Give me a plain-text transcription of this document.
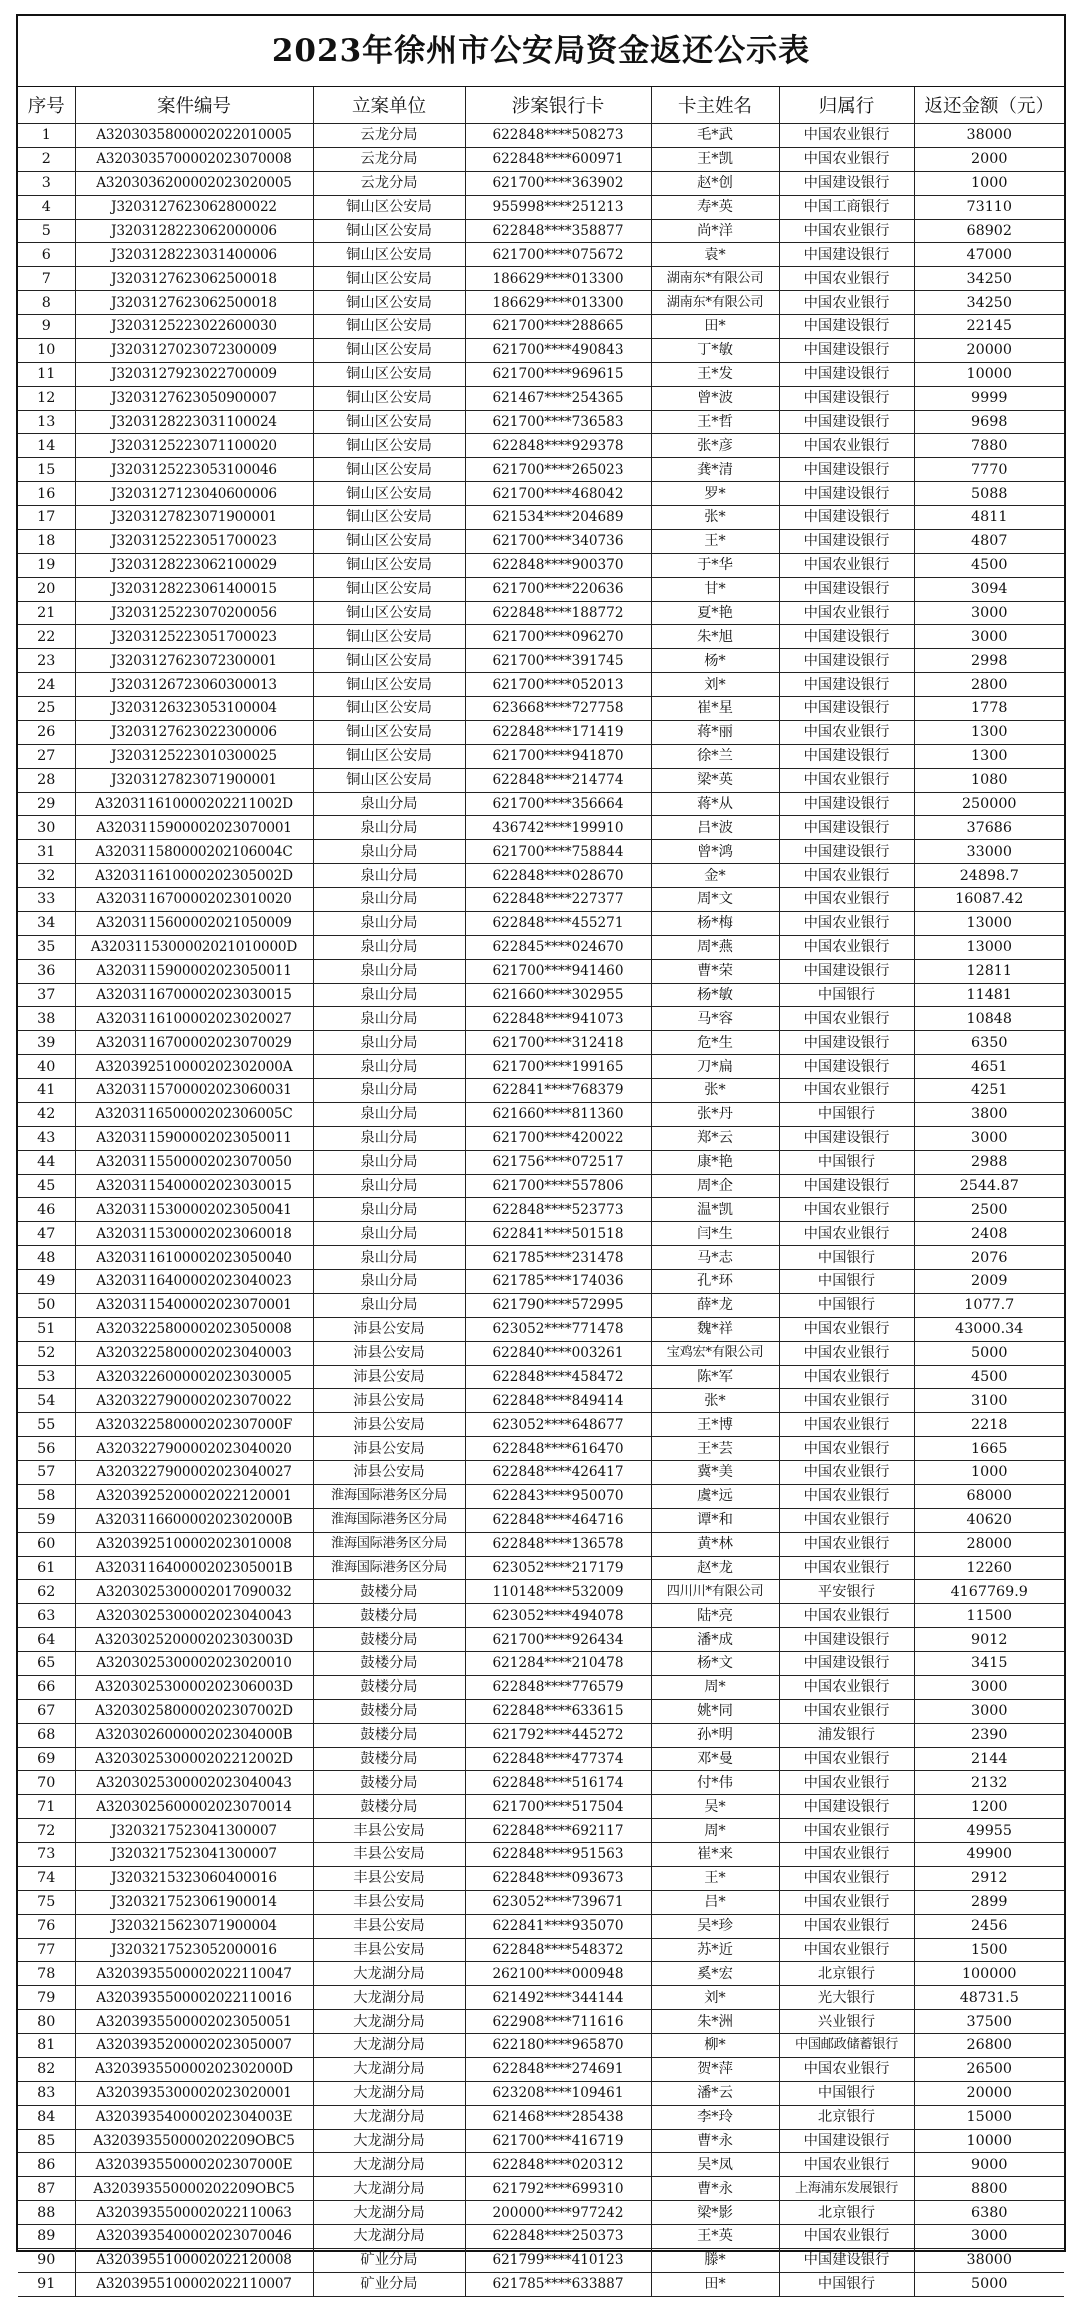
2023年徐州市公安局资金返还公示表
序号	案件编号	立案单位	涉案银行卡	卡主姓名	归属行	返还金额（元）
1	A3203035800002022010005	云龙分局	622848****508273	毛*武	中国农业银行	38000
2	A3203035700002023070008	云龙分局	622848****600971	王*凯	中国农业银行	2000
3	A3203036200002023020005	云龙分局	621700****363902	赵*创	中国建设银行	1000
4	J3203127623062800022	铜山区公安局	955998****251213	寿*英	中国工商银行	73110
5	J3203128223062000006	铜山区公安局	622848****358877	尚*洋	中国农业银行	68902
6	J3203128223031400006	铜山区公安局	621700****075672	袁*	中国建设银行	47000
7	J3203127623062500018	铜山区公安局	186629****013300	湖南东*有限公司	中国农业银行	34250
8	J3203127623062500018	铜山区公安局	186629****013300	湖南东*有限公司	中国农业银行	34250
9	J3203125223022600030	铜山区公安局	621700****288665	田*	中国建设银行	22145
10	J3203127023072300009	铜山区公安局	621700****490843	丁*敏	中国建设银行	20000
11	J3203127923022700009	铜山区公安局	621700****969615	王*发	中国建设银行	10000
12	J3203127623050900007	铜山区公安局	621467****254365	曾*波	中国建设银行	9999
13	J3203128223031100024	铜山区公安局	621700****736583	王*哲	中国建设银行	9698
14	J3203125223071100020	铜山区公安局	622848****929378	张*彦	中国农业银行	7880
15	J3203125223053100046	铜山区公安局	621700****265023	龚*清	中国建设银行	7770
16	J3203127123040600006	铜山区公安局	621700****468042	罗*	中国建设银行	5088
17	J3203127823071900001	铜山区公安局	621534****204689	张*	中国建设银行	4811
18	J3203125223051700023	铜山区公安局	621700****340736	王*	中国建设银行	4807
19	J3203128223062100029	铜山区公安局	622848****900370	于*华	中国农业银行	4500
20	J3203128223061400015	铜山区公安局	621700****220636	甘*	中国建设银行	3094
21	J3203125223070200056	铜山区公安局	622848****188772	夏*艳	中国农业银行	3000
22	J3203125223051700023	铜山区公安局	621700****096270	朱*旭	中国建设银行	3000
23	J3203127623072300001	铜山区公安局	621700****391745	杨*	中国建设银行	2998
24	J3203126723060300013	铜山区公安局	621700****052013	刘*	中国建设银行	2800
25	J3203126323053100004	铜山区公安局	623668****727758	崔*星	中国建设银行	1778
26	J3203127623022300006	铜山区公安局	622848****171419	蒋*丽	中国农业银行	1300
27	J3203125223010300025	铜山区公安局	621700****941870	徐*兰	中国建设银行	1300
28	J3203127823071900001	铜山区公安局	622848****214774	梁*英	中国农业银行	1080
29	A320311610000202211002D	泉山分局	621700****356664	蒋*从	中国建设银行	250000
30	A3203115900002023070001	泉山分局	436742****199910	吕*波	中国建设银行	37686
31	A320311580000202106004C	泉山分局	621700****758844	曾*鸿	中国建设银行	33000
32	A320311610000202305002D	泉山分局	622848****028670	金*	中国农业银行	24898.7
33	A3203116700002023010020	泉山分局	622848****227377	周*文	中国农业银行	16087.42
34	A3203115600002021050009	泉山分局	622848****455271	杨*梅	中国农业银行	13000
35	A3203115300002021010000D	泉山分局	622845****024670	周*燕	中国农业银行	13000
36	A3203115900002023050011	泉山分局	621700****941460	曹*荣	中国建设银行	12811
37	A3203116700002023030015	泉山分局	621660****302955	杨*敏	中国银行	11481
38	A3203116100002023020027	泉山分局	622848****941073	马*容	中国农业银行	10848
39	A3203116700002023070029	泉山分局	621700****312418	危*生	中国建设银行	6350
40	A320392510000202302000A	泉山分局	621700****199165	刀*扁	中国建设银行	4651
41	A3203115700002023060031	泉山分局	622841****768379	张*	中国农业银行	4251
42	A320311650000202306005C	泉山分局	621660****811360	张*丹	中国银行	3800
43	A3203115900002023050011	泉山分局	621700****420022	郑*云	中国建设银行	3000
44	A3203115500002023070050	泉山分局	621756****072517	康*艳	中国银行	2988
45	A3203115400002023030015	泉山分局	621700****557806	周*企	中国建设银行	2544.87
46	A3203115300002023050041	泉山分局	622848****523773	温*凯	中国农业银行	2500
47	A3203115300002023060018	泉山分局	622841****501518	闫*生	中国农业银行	2408
48	A3203116100002023050040	泉山分局	621785****231478	马*志	中国银行	2076
49	A3203116400002023040023	泉山分局	621785****174036	孔*环	中国银行	2009
50	A3203115400002023070001	泉山分局	621790****572995	薛*龙	中国银行	1077.7
51	A3203225800002023050008	沛县公安局	623052****771478	魏*祥	中国农业银行	43000.34
52	A3203225800002023040003	沛县公安局	622840****003261	宝鸡宏*有限公司	中国农业银行	5000
53	A3203226000002023030005	沛县公安局	622848****458472	陈*军	中国农业银行	4500
54	A3203227900002023070022	沛县公安局	622848****849414	张*	中国农业银行	3100
55	A320322580000202307000F	沛县公安局	623052****648677	王*博	中国农业银行	2218
56	A3203227900002023040020	沛县公安局	622848****616470	王*芸	中国农业银行	1665
57	A3203227900002023040027	沛县公安局	622848****426417	冀*美	中国农业银行	1000
58	A3203925200002022120001	淮海国际港务区分局	622843****950070	虞*远	中国农业银行	68000
59	A320311660000202302000B	淮海国际港务区分局	622848****464716	谭*和	中国农业银行	40620
60	A3203925100002023010008	淮海国际港务区分局	622848****136578	黄*林	中国农业银行	28000
61	A320311640000202305001B	淮海国际港务区分局	623052****217179	赵*龙	中国农业银行	12260
62	A3203025300002017090032	鼓楼分局	110148****532009	四川川*有限公司	平安银行	4167769.9
63	A3203025300002023040043	鼓楼分局	623052****494078	陆*亮	中国农业银行	11500
64	A320302520000202303003D	鼓楼分局	621700****926434	潘*成	中国建设银行	9012
65	A3203025300002023020010	鼓楼分局	621284****210478	杨*文	中国建设银行	3415
66	A320302530000202306003D	鼓楼分局	622848****776579	周*	中国农业银行	3000
67	A320302580000202307002D	鼓楼分局	622848****633615	姚*同	中国农业银行	3000
68	A320302600000202304000B	鼓楼分局	621792****445272	孙*明	浦发银行	2390
69	A320302530000202212002D	鼓楼分局	622848****477374	邓*曼	中国农业银行	2144
70	A3203025300002023040043	鼓楼分局	622848****516174	付*伟	中国农业银行	2132
71	A3203025600002023070014	鼓楼分局	621700****517504	吴*	中国建设银行	1200
72	J3203217523041300007	丰县公安局	622848****692117	周*	中国农业银行	49955
73	J3203217523041300007	丰县公安局	622848****951563	崔*来	中国农业银行	49900
74	J3203215323060400016	丰县公安局	622848****093673	王*	中国农业银行	2912
75	J3203217523061900014	丰县公安局	623052****739671	吕*	中国农业银行	2899
76	J3203215623071900004	丰县公安局	622841****935070	吴*珍	中国农业银行	2456
77	J3203217523052000016	丰县公安局	622848****548372	苏*近	中国农业银行	1500
78	A3203935500002022110047	大龙湖分局	262100****000948	奚*宏	北京银行	100000
79	A3203935500002022110016	大龙湖分局	621492****344144	刘*	光大银行	48731.5
80	A3203935500002023050051	大龙湖分局	622908****711616	朱*洲	兴业银行	37500
81	A3203935200002023050007	大龙湖分局	622180****965870	柳*	中国邮政储蓄银行	26800
82	A320393550000202302000D	大龙湖分局	622848****274691	贺*萍	中国农业银行	26500
83	A3203935300002023020001	大龙湖分局	623208****109461	潘*云	中国银行	20000
84	A320393540000202304003E	大龙湖分局	621468****285438	李*玲	北京银行	15000
85	A320393550000202209OBC5	大龙湖分局	621700****416719	曹*永	中国建设银行	10000
86	A320393550000202307000E	大龙湖分局	622848****020312	吴*凤	中国农业银行	9000
87	A320393550000202209OBC5	大龙湖分局	621792****699310	曹*永	上海浦东发展银行	8800
88	A3203935500002022110063	大龙湖分局	200000****977242	梁*影	北京银行	6380
89	A3203935400002023070046	大龙湖分局	622848****250373	王*英	中国农业银行	3000
90	A3203955100002022120008	矿业分局	621799****410123	滕*	中国建设银行	38000
91	A3203955100002022110007	矿业分局	621785****633887	田*	中国银行	5000
